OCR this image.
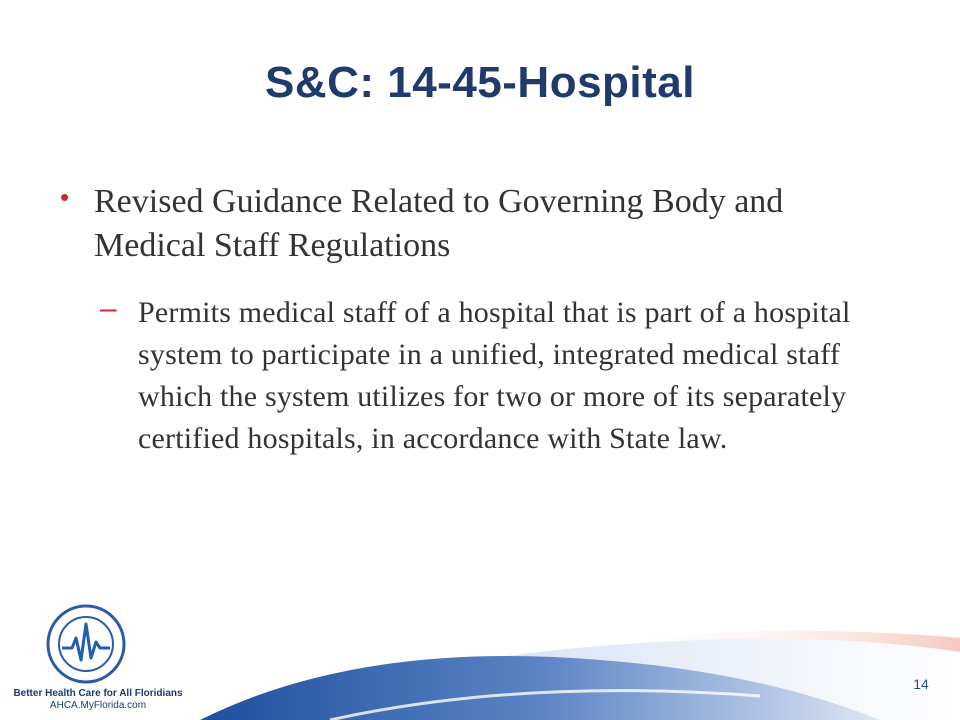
S&C: 14-45-Hospital
• Revised Guidance Related to Governing Body and Medical Staff Regulations
– Permits medical staff of a hospital that is part of a hospital system to participate in a unified, integrated medical staff which the system utilizes for two or more of its separately certified hospitals, in accordance with State law.
Better Health Care for All Floridians
AHCA.MyFlorida.com
14
